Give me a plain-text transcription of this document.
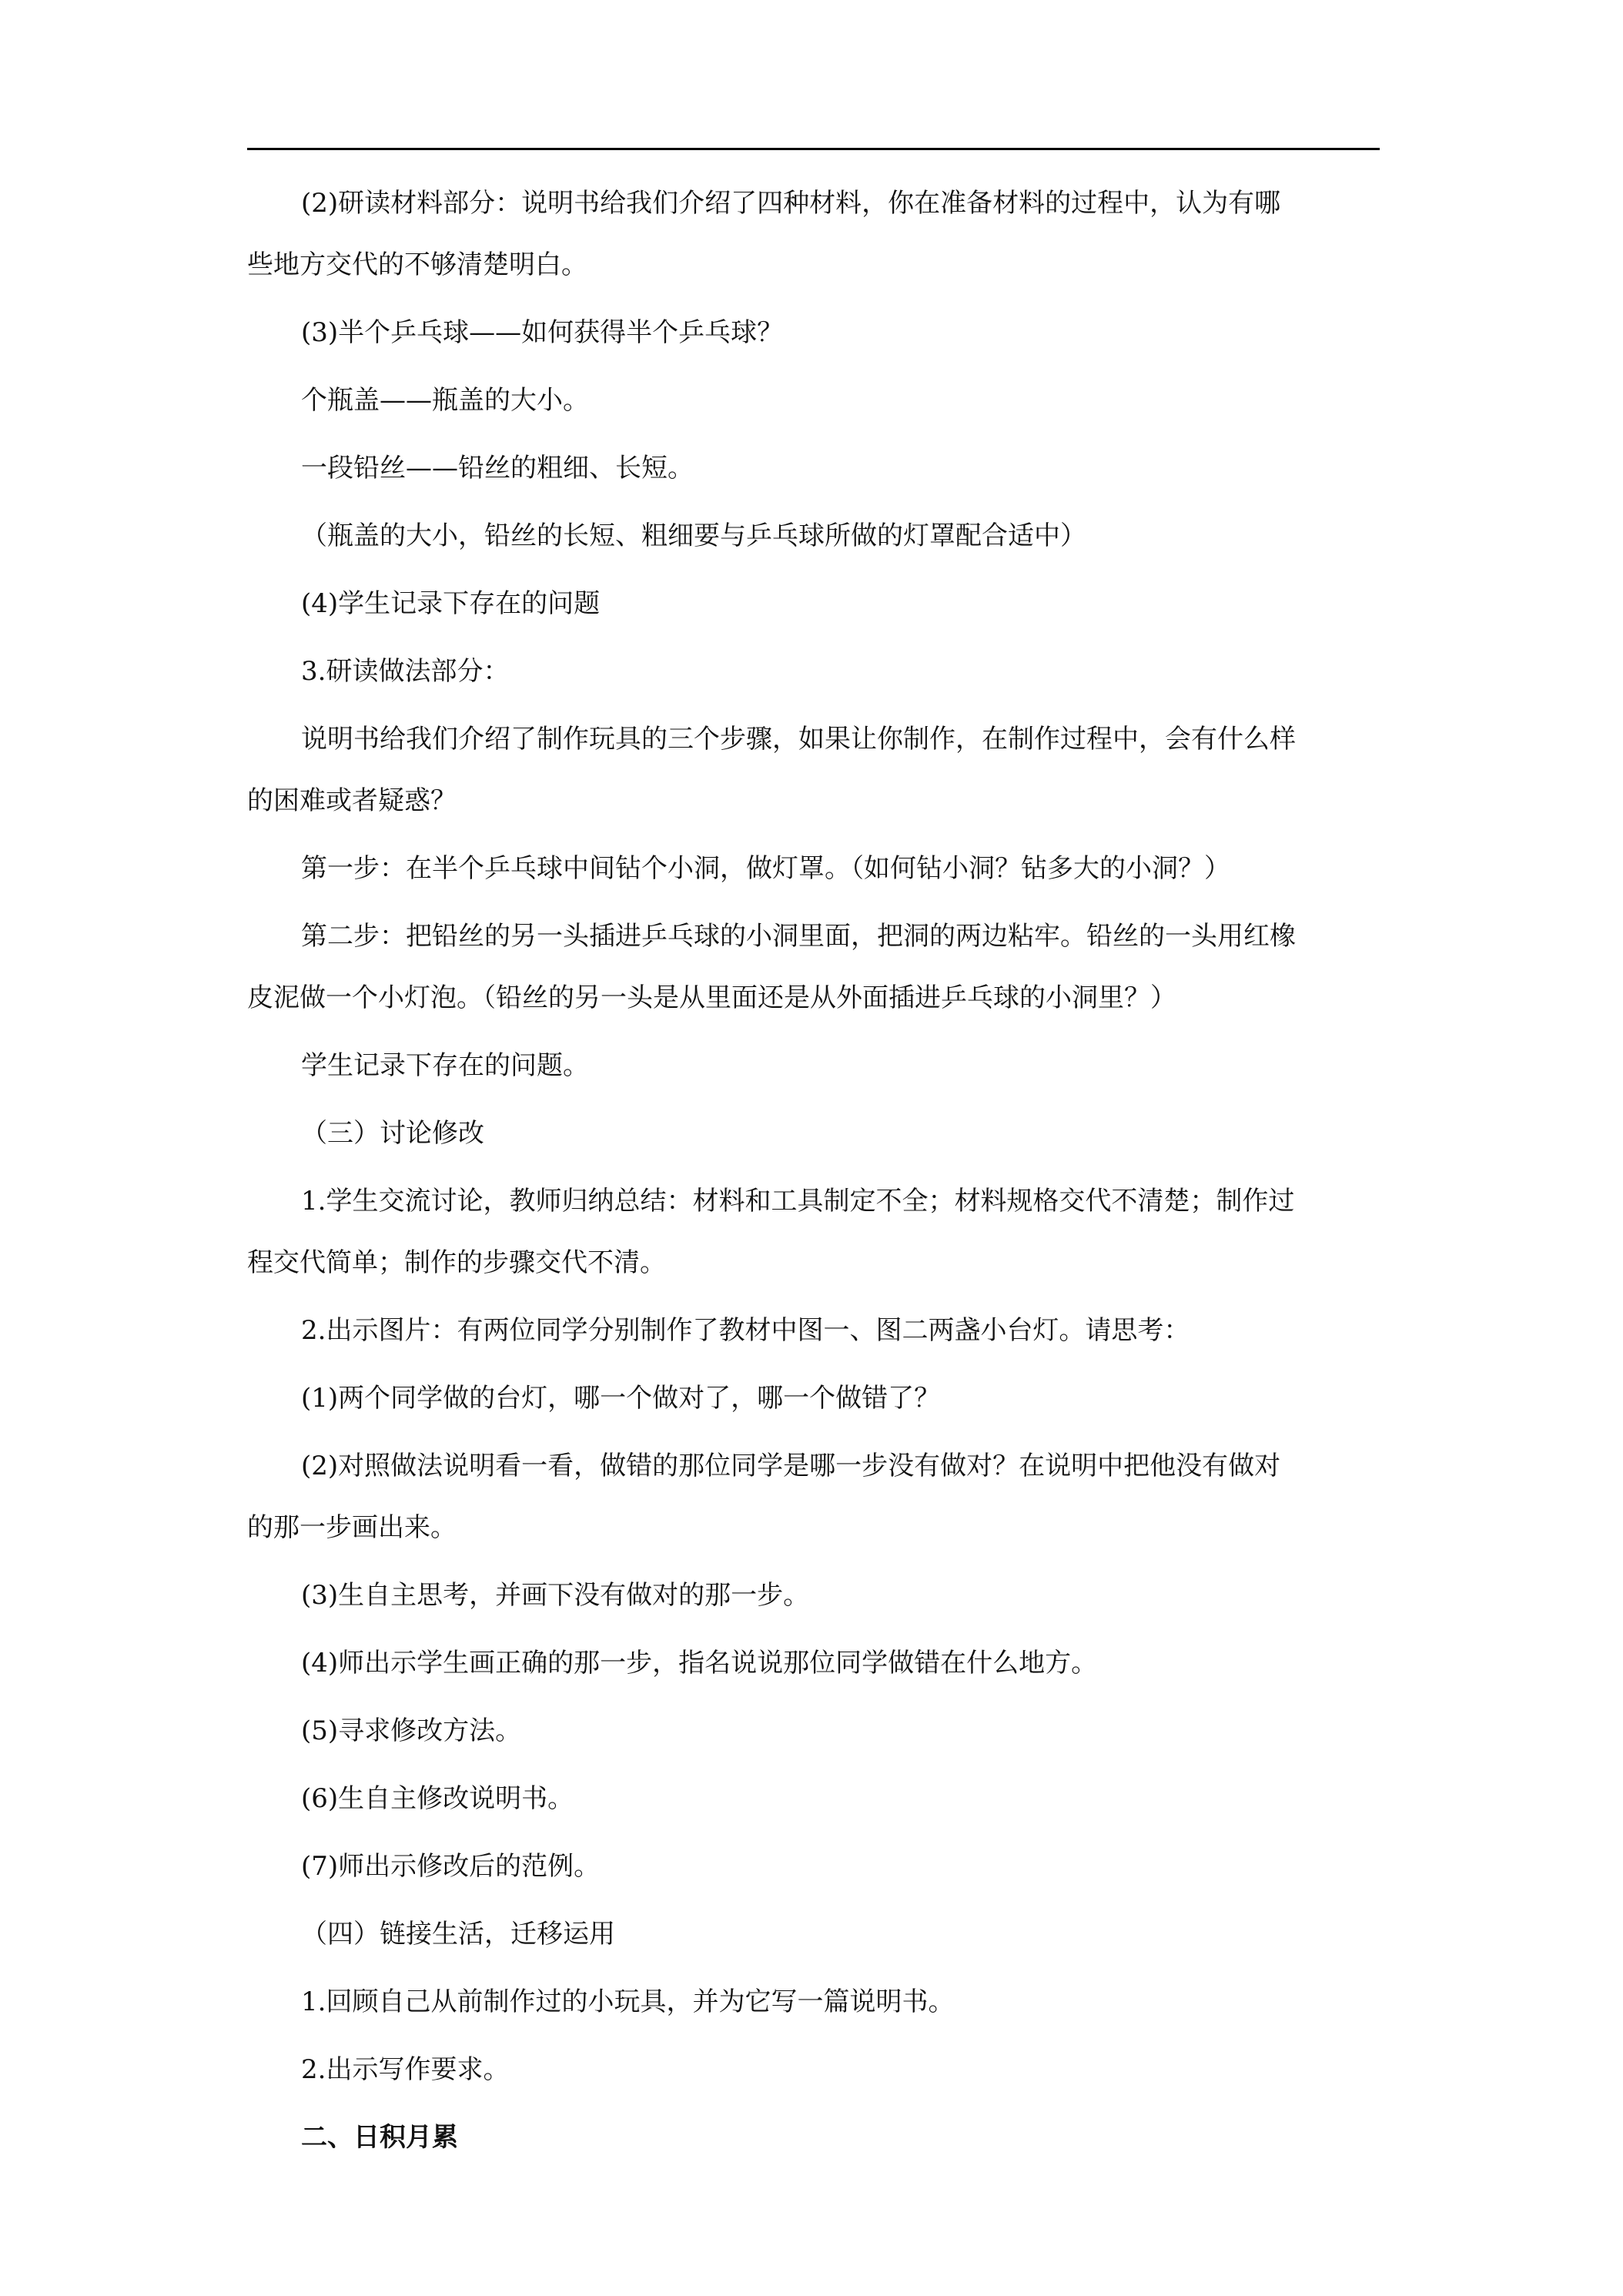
(2)研读材料部分：说明书给我们介绍了四种材料，你在准备材料的过程中，认为有哪
些地方交代的不够清楚明白。
(3)半个乒乓球——如何获得半个乒乓球？
个瓶盖——瓶盖的大小。
一段铅丝——铅丝的粗细、长短。
（瓶盖的大小，铅丝的长短、粗细要与乒乓球所做的灯罩配合适中）
(4)学生记录下存在的问题
3.研读做法部分：
说明书给我们介绍了制作玩具的三个步骤，如果让你制作，在制作过程中，会有什么样
的困难或者疑惑？
第一步：在半个乒乓球中间钻个小洞，做灯罩。（如何钻小洞？钻多大的小洞？）
第二步：把铅丝的另一头插进乒乓球的小洞里面，把洞的两边粘牢。铅丝的一头用红橡
皮泥做一个小灯泡。（铅丝的另一头是从里面还是从外面插进乒乓球的小洞里？）
学生记录下存在的问题。
（三）讨论修改
1.学生交流讨论，教师归纳总结：材料和工具制定不全；材料规格交代不清楚；制作过
程交代简单；制作的步骤交代不清。
2.出示图片：有两位同学分别制作了教材中图一、图二两盏小台灯。请思考：
(1)两个同学做的台灯，哪一个做对了，哪一个做错了？
(2)对照做法说明看一看，做错的那位同学是哪一步没有做对？在说明中把他没有做对
的那一步画出来。
(3)生自主思考，并画下没有做对的那一步。
(4)师出示学生画正确的那一步，指名说说那位同学做错在什么地方。
(5)寻求修改方法。
(6)生自主修改说明书。
(7)师出示修改后的范例。
（四）链接生活，迁移运用
1.回顾自己从前制作过的小玩具，并为它写一篇说明书。
2.出示写作要求。
二、日积月累
